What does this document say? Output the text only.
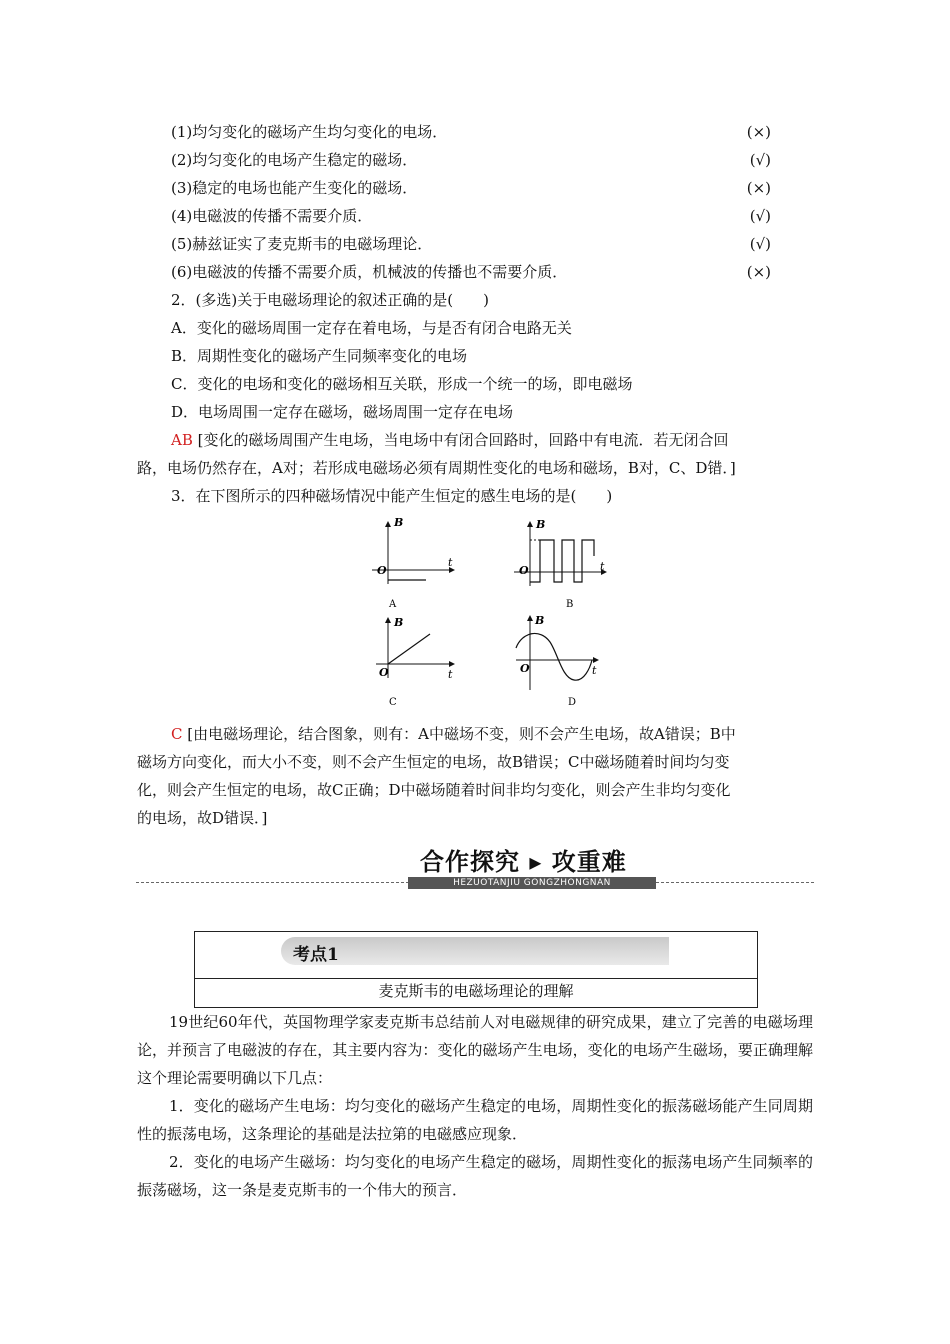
(1)均匀变化的磁场产生均匀变化的电场．	(×)
(2)均匀变化的电场产生稳定的磁场．	(√)
(3)稳定的电场也能产生变化的磁场．	(×)
(4)电磁波的传播不需要介质．	(√)
(5)赫兹证实了麦克斯韦的电磁场理论．	(√)
(6)电磁波的传播不需要介质，机械波的传播也不需要介质．	(×)
2．(多选)关于电磁场理论的叙述正确的是(　　)
A．变化的磁场周围一定存在着电场，与是否有闭合电路无关
B．周期性变化的磁场产生同频率变化的电场
C．变化的电场和变化的磁场相互关联，形成一个统一的场，即电磁场
D．电场周围一定存在磁场，磁场周围一定存在电场
AB [变化的磁场周围产生电场，当电场中有闭合回路时，回路中有电流．若无闭合回
路，电场仍然存在，A对；若形成电磁场必须有周期性变化的电场和磁场，B对，C、D错．]
3．在下图所示的四种磁场情况中能产生恒定的感生电场的是(　　)
B
t
O
A
B
t
O
B
B
t
O
C
B
t
O
D
C [由电磁场理论，结合图象，则有：A中磁场不变，则不会产生电场，故A错误；B中
磁场方向变化，而大小不变，则不会产生恒定的电场，故B错误；C中磁场随着时间均匀变
化，则会产生恒定的电场，故C正确；D中磁场随着时间非均匀变化，则会产生非均匀变化
的电场，故D错误．]
合作探究 ▸ 攻重难
HEZUOTANJIU GONGZHONGNAN
考点1
麦克斯韦的电磁场理论的理解
19世纪60年代，英国物理学家麦克斯韦总结前人对电磁规律的研究成果，建立了完善的电磁场理论，并预言了电磁波的存在，其主要内容为：变化的磁场产生电场，变化的电场产生磁场，要正确理解这个理论需要明确以下几点：
1．变化的磁场产生电场：均匀变化的磁场产生稳定的电场，周期性变化的振荡磁场能产生同周期性的振荡电场，这条理论的基础是法拉第的电磁感应现象．
2．变化的电场产生磁场：均匀变化的电场产生稳定的磁场，周期性变化的振荡电场产生同频率的振荡磁场，这一条是麦克斯韦的一个伟大的预言．
